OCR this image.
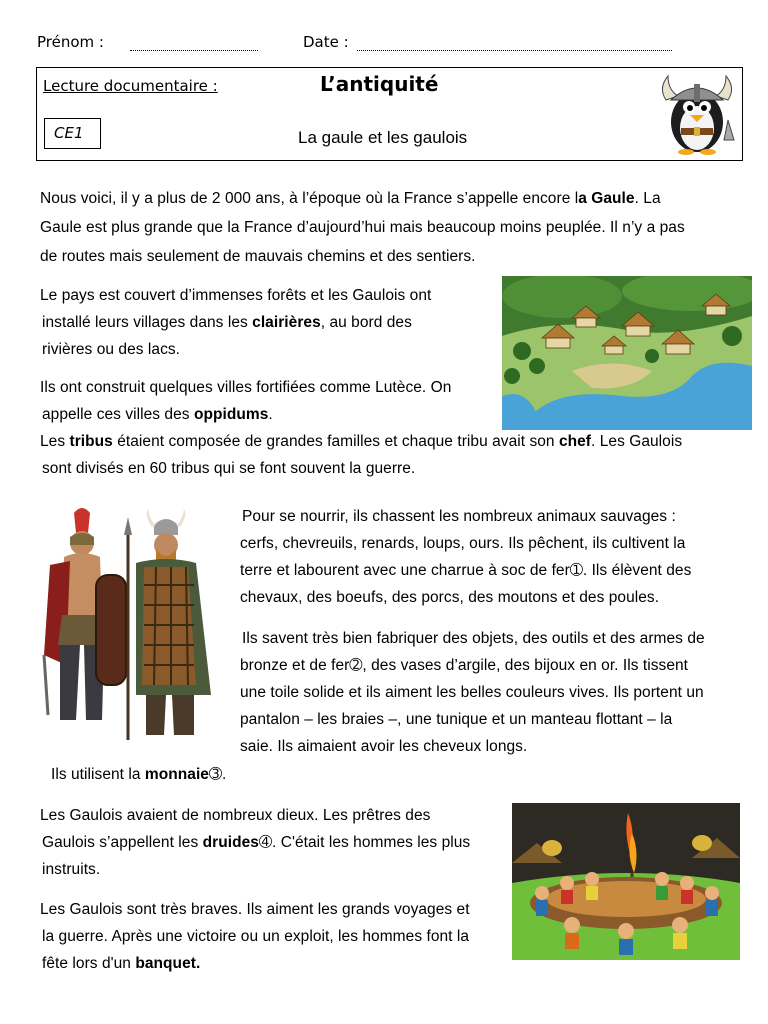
Prénom :	Date :
Lecture documentaire :	L’antiquité
CE1	La gaule et les gaulois
Nous voici, il y a plus de 2 000 ans, à l’époque où la France s’appelle encore la Gaule. La
Gaule est plus grande que la France d’aujourd’hui mais beaucoup moins peuplée. Il n’y a pas
de routes mais seulement de mauvais chemins et des sentiers.
Le pays est couvert d’immenses forêts et les Gaulois ont
installé leurs villages dans les clairières, au bord des
rivières ou des lacs.
Ils ont construit quelques villes fortifiées comme Lutèce. On
appelle ces villes des oppidums.
Les tribus étaient composée de grandes familles et chaque tribu avait son chef. Les Gaulois
sont divisés en 60 tribus qui se font souvent la guerre.
Pour se nourrir, ils chassent les nombreux animaux sauvages :
cerfs, chevreuils, renards, loups, ours. Ils pêchent, ils cultivent la
terre et labourent avec une charrue à soc de fer➀. Ils élèvent des
chevaux, des boeufs, des porcs, des moutons et des poules.
Ils savent très bien fabriquer des objets, des outils et des armes de
bronze et de fer➁, des vases d’argile, des bijoux en or. Ils tissent
une toile solide et ils aiment les belles couleurs vives. Ils portent un
pantalon – les braies –, une tunique et un manteau flottant – la
saie. Ils aimaient avoir les cheveux longs.
Ils utilisent la monnaie➂.
Les Gaulois avaient de nombreux dieux. Les prêtres des
Gaulois s’appellent les druides➃. C'était les hommes les plus
instruits.
Les Gaulois sont très braves. Ils aiment les grands voyages et
la guerre. Après une victoire ou un exploit, les hommes font la
fête lors d'un banquet.
